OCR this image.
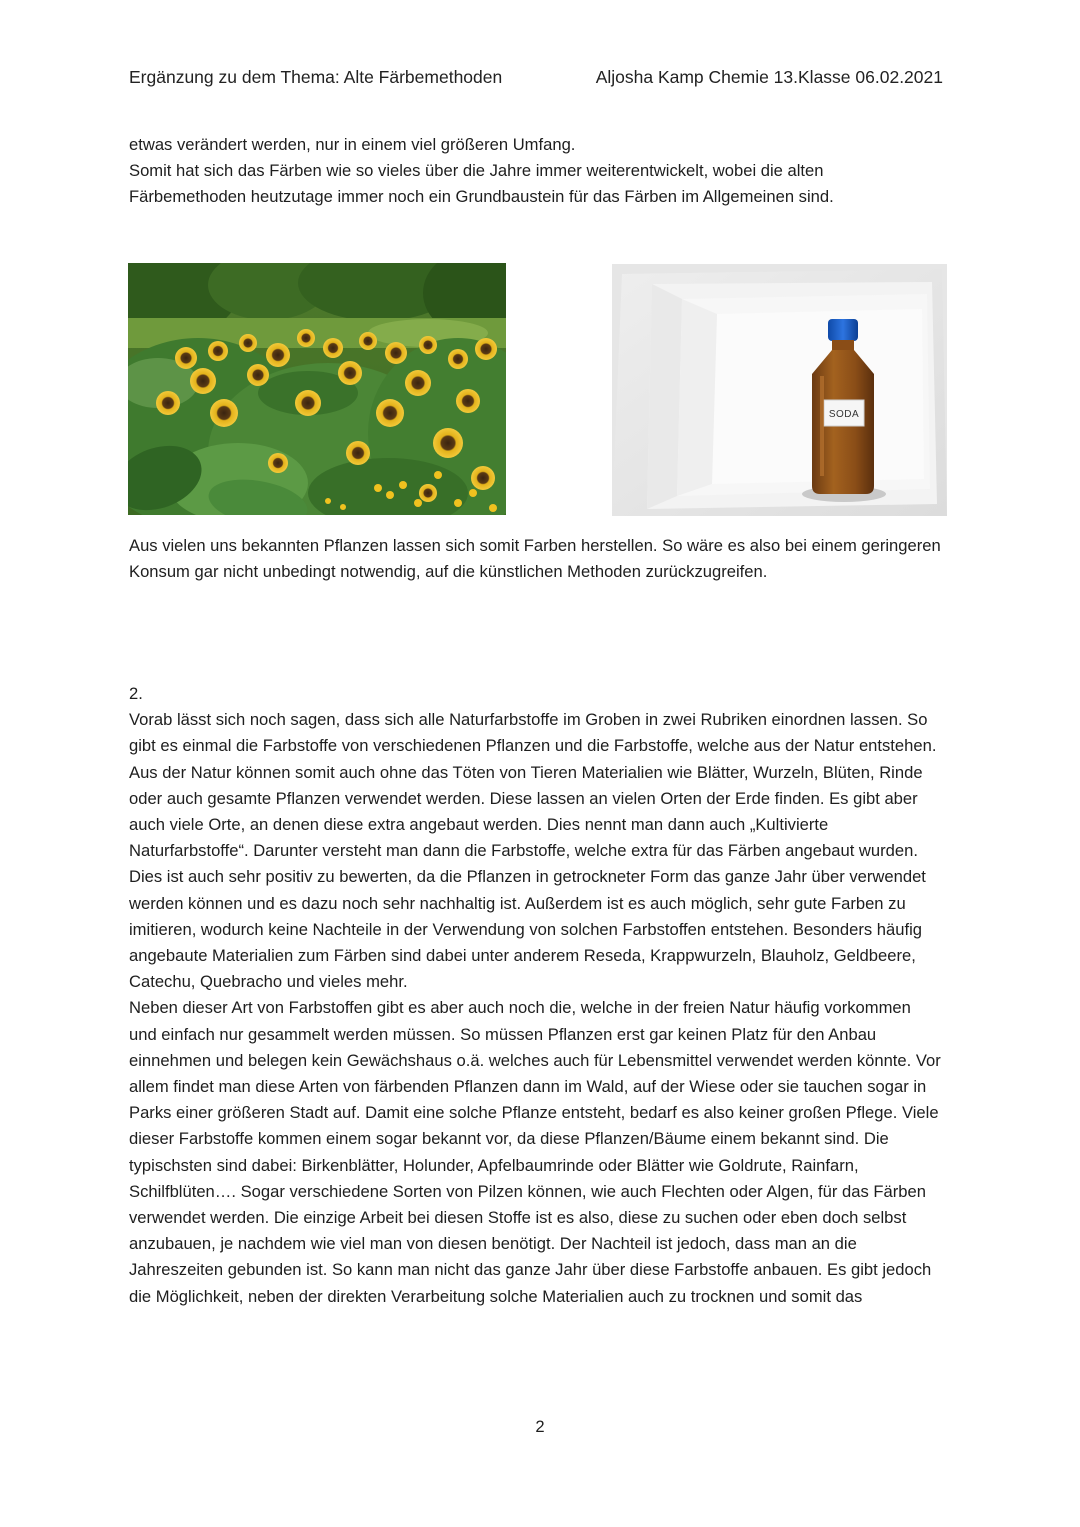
Ergänzung zu dem Thema: Alte Färbemethoden	Aljosha Kamp Chemie 13.Klasse 06.02.2021

etwas verändert werden, nur in einem viel größeren Umfang.

Somit hat sich das Färben wie so vieles über die Jahre immer weiterentwickelt, wobei die alten Färbemethoden heutzutage immer noch ein Grundbaustein für das Färben im Allgemeinen sind.

SODA

Aus vielen uns bekannten Pflanzen lassen sich somit Farben herstellen. So wäre es also bei einem geringeren Konsum gar nicht unbedingt notwendig, auf die künstlichen Methoden zurückzugreifen.

2.

Vorab lässt sich noch sagen, dass sich alle Naturfarbstoffe im Groben in zwei Rubriken einordnen lassen. So gibt es einmal die Farbstoffe von verschiedenen Pflanzen und die Farbstoffe, welche aus der Natur entstehen.

Aus der Natur können somit auch ohne das Töten von Tieren Materialien wie Blätter, Wurzeln, Blüten, Rinde oder auch gesamte Pflanzen verwendet werden. Diese lassen an vielen Orten der Erde finden. Es gibt aber auch viele Orte, an denen diese extra angebaut werden. Dies nennt man dann auch „Kultivierte Naturfarbstoffe“. Darunter versteht man dann die Farbstoffe, welche extra für das Färben angebaut wurden. Dies ist auch sehr positiv zu bewerten, da die Pflanzen in getrockneter Form das ganze Jahr über verwendet werden können und es dazu noch sehr nachhaltig ist. Außerdem ist es auch möglich, sehr gute Farben zu imitieren, wodurch keine Nachteile in der Verwendung von solchen Farbstoffen entstehen. Besonders häufig angebaute Materialien zum Färben sind dabei unter anderem Reseda, Krappwurzeln, Blauholz, Geldbeere, Catechu, Quebracho und vieles mehr.

Neben dieser Art von Farbstoffen gibt es aber auch noch die, welche in der freien Natur häufig vorkommen und einfach nur gesammelt werden müssen. So müssen Pflanzen erst gar keinen Platz für den Anbau einnehmen und belegen kein Gewächshaus o.ä. welches auch für Lebensmittel verwendet werden könnte. Vor allem findet man diese Arten von färbenden Pflanzen dann im Wald, auf der Wiese oder sie tauchen sogar in Parks einer größeren Stadt auf. Damit eine solche Pflanze entsteht, bedarf es also keiner großen Pflege. Viele dieser Farbstoffe kommen einem sogar bekannt vor, da diese Pflanzen/Bäume einem bekannt sind. Die typischsten sind dabei: Birkenblätter, Holunder, Apfelbaumrinde oder Blätter wie Goldrute, Rainfarn, Schilfblüten…. Sogar verschiedene Sorten von Pilzen können, wie auch Flechten oder Algen, für das Färben verwendet werden. Die einzige Arbeit bei diesen Stoffe ist es also, diese zu suchen oder eben doch selbst anzubauen, je nachdem wie viel man von diesen benötigt. Der Nachteil ist jedoch, dass man an die Jahreszeiten gebunden ist. So kann man nicht das ganze Jahr über diese Farbstoffe anbauen. Es gibt jedoch die Möglichkeit, neben der direkten Verarbeitung solche Materialien auch zu trocknen und somit das

2
